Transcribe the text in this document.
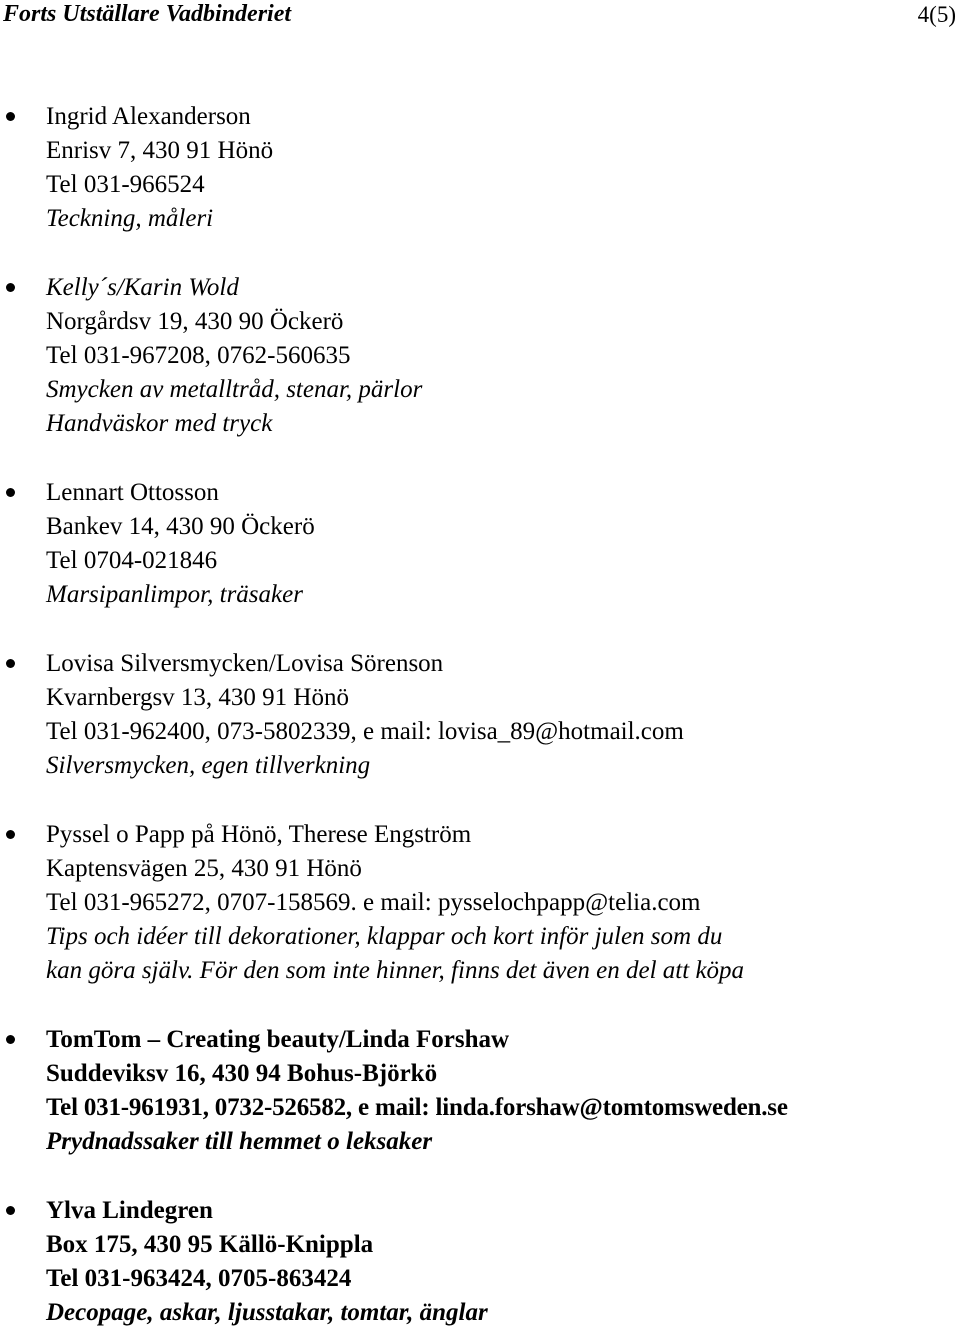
Forts Utställare Vadbinderiet	4(5)
Ingrid Alexanderson
Enrisv 7, 430 91 Hönö
Tel 031-966524
Teckning, måleri
Kelly´s/Karin Wold
Norgårdsv 19, 430 90 Öckerö
Tel 031-967208, 0762-560635
Smycken av metalltråd, stenar, pärlor
Handväskor med tryck
Lennart Ottosson
Bankev 14, 430 90 Öckerö
Tel 0704-021846
Marsipanlimpor, träsaker
Lovisa Silversmycken/Lovisa Sörenson
Kvarnbergsv 13, 430 91 Hönö
Tel 031-962400, 073-5802339, e mail: lovisa_89@hotmail.com
Silversmycken, egen tillverkning
Pyssel o Papp på Hönö, Therese Engström
Kaptensvägen 25, 430 91 Hönö
Tel 031-965272, 0707-158569. e mail: pysselochpapp@telia.com
Tips och idéer till dekorationer, klappar och kort inför julen som du
kan göra själv. För den som inte hinner, finns det även en del att köpa
TomTom – Creating beauty/Linda Forshaw
Suddeviksv 16, 430 94 Bohus-Björkö
Tel 031-961931, 0732-526582, e mail: linda.forshaw@tomtomsweden.se
Prydnadssaker till hemmet o leksaker
Ylva Lindegren
Box 175, 430 95 Källö-Knippla
Tel 031-963424, 0705-863424
Decopage, askar, ljusstakar, tomtar, änglar
